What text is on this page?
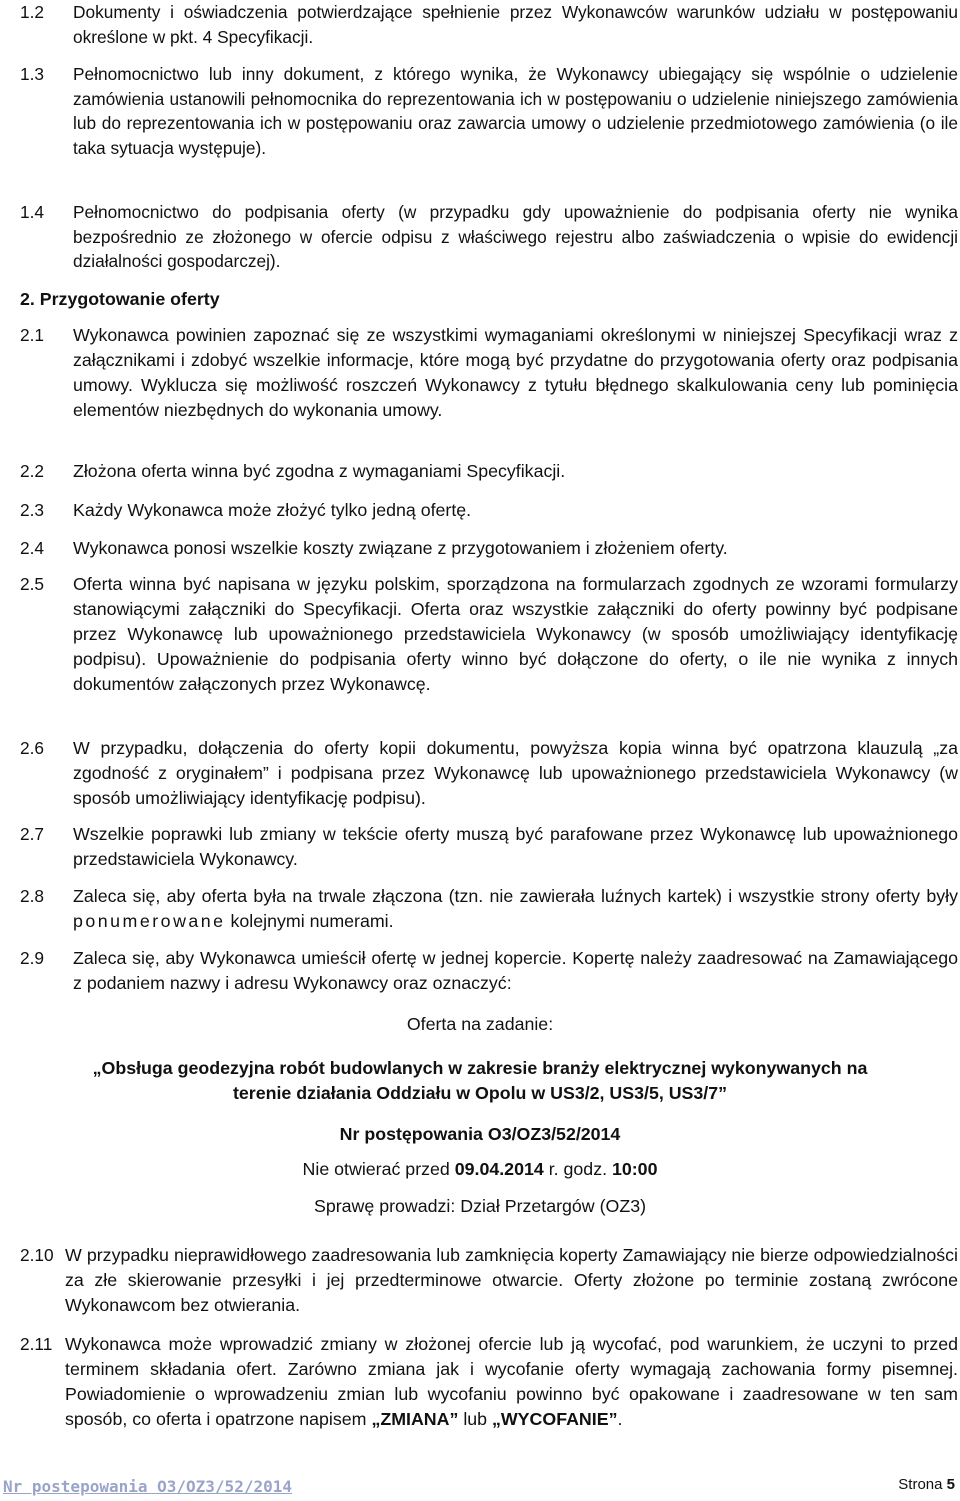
1.2	Dokumenty i oświadczenia potwierdzające spełnienie przez Wykonawców warunków udziału w postępowaniu określone w pkt. 4 Specyfikacji.
1.3	Pełnomocnictwo lub inny dokument, z którego wynika, że Wykonawcy ubiegający się wspólnie o udzielenie zamówienia ustanowili pełnomocnika do reprezentowania ich w postępowaniu o udzielenie niniejszego zamówienia lub do reprezentowania ich w postępowaniu oraz zawarcia umowy o udzielenie przedmiotowego zamówienia (o ile taka sytuacja występuje).
1.4	Pełnomocnictwo do podpisania oferty (w przypadku gdy upoważnienie do podpisania oferty nie wynika bezpośrednio ze złożonego w ofercie odpisu z właściwego rejestru albo zaświadczenia o wpisie do ewidencji działalności gospodarczej).
2. Przygotowanie oferty
2.1	Wykonawca powinien zapoznać się ze wszystkimi wymaganiami określonymi w niniejszej Specyfikacji wraz z załącznikami i zdobyć wszelkie informacje, które mogą być przydatne do przygotowania oferty oraz podpisania umowy. Wyklucza się możliwość roszczeń Wykonawcy z tytułu błędnego skalkulowania ceny lub pominięcia elementów niezbędnych do wykonania umowy.
2.2	Złożona oferta winna być zgodna z wymaganiami Specyfikacji.
2.3	Każdy Wykonawca może złożyć tylko jedną ofertę.
2.4	Wykonawca ponosi wszelkie koszty związane z przygotowaniem i złożeniem oferty.
2.5	Oferta winna być napisana w języku polskim, sporządzona na formularzach zgodnych ze wzorami formularzy stanowiącymi załączniki do Specyfikacji. Oferta oraz wszystkie załączniki do oferty powinny być podpisane przez Wykonawcę lub upoważnionego przedstawiciela Wykonawcy (w sposób umożliwiający identyfikację podpisu). Upoważnienie do podpisania oferty winno być dołączone do oferty, o ile nie wynika z innych dokumentów załączonych przez Wykonawcę.
2.6	W przypadku, dołączenia do oferty kopii dokumentu, powyższa kopia winna być opatrzona klauzulą „za zgodność z oryginałem” i podpisana przez Wykonawcę lub upoważnionego przedstawiciela Wykonawcy (w sposób umożliwiający identyfikację podpisu).
2.7	Wszelkie poprawki lub zmiany w tekście oferty muszą być parafowane przez Wykonawcę lub upoważnionego przedstawiciela Wykonawcy.
2.8	Zaleca się, aby oferta była na trwale złączona (tzn. nie zawierała luźnych kartek) i wszystkie strony oferty były ponumerowane kolejnymi numerami.
2.9	Zaleca się, aby Wykonawca umieścił ofertę w jednej kopercie. Kopertę należy zaadresować na Zamawiającego z podaniem nazwy i adresu Wykonawcy oraz oznaczyć:
Oferta na zadanie:
„Obsługa geodezyjna robót budowlanych w zakresie branży elektrycznej wykonywanych na
terenie działania Oddziału w Opolu w US3/2, US3/5, US3/7”
Nr postępowania O3/OZ3/52/2014
Nie otwierać przed 09.04.2014 r. godz. 10:00
Sprawę prowadzi: Dział Przetargów (OZ3)
2.10 W przypadku nieprawidłowego zaadresowania lub zamknięcia koperty Zamawiający nie bierze odpowiedzialności za złe skierowanie przesyłki i jej przedterminowe otwarcie. Oferty złożone po terminie zostaną zwrócone Wykonawcom bez otwierania.
2.11 Wykonawca może wprowadzić zmiany w złożonej ofercie lub ją wycofać, pod warunkiem, że uczyni to przed terminem składania ofert. Zarówno zmiana jak i wycofanie oferty wymagają zachowania formy pisemnej. Powiadomienie o wprowadzeniu zmian lub wycofaniu powinno być opakowane i zaadresowane w ten sam sposób, co oferta i opatrzone napisem „ZMIANA” lub „WYCOFANIE”.
Nr postepowania O3/OZ3/52/2014	Strona 5
